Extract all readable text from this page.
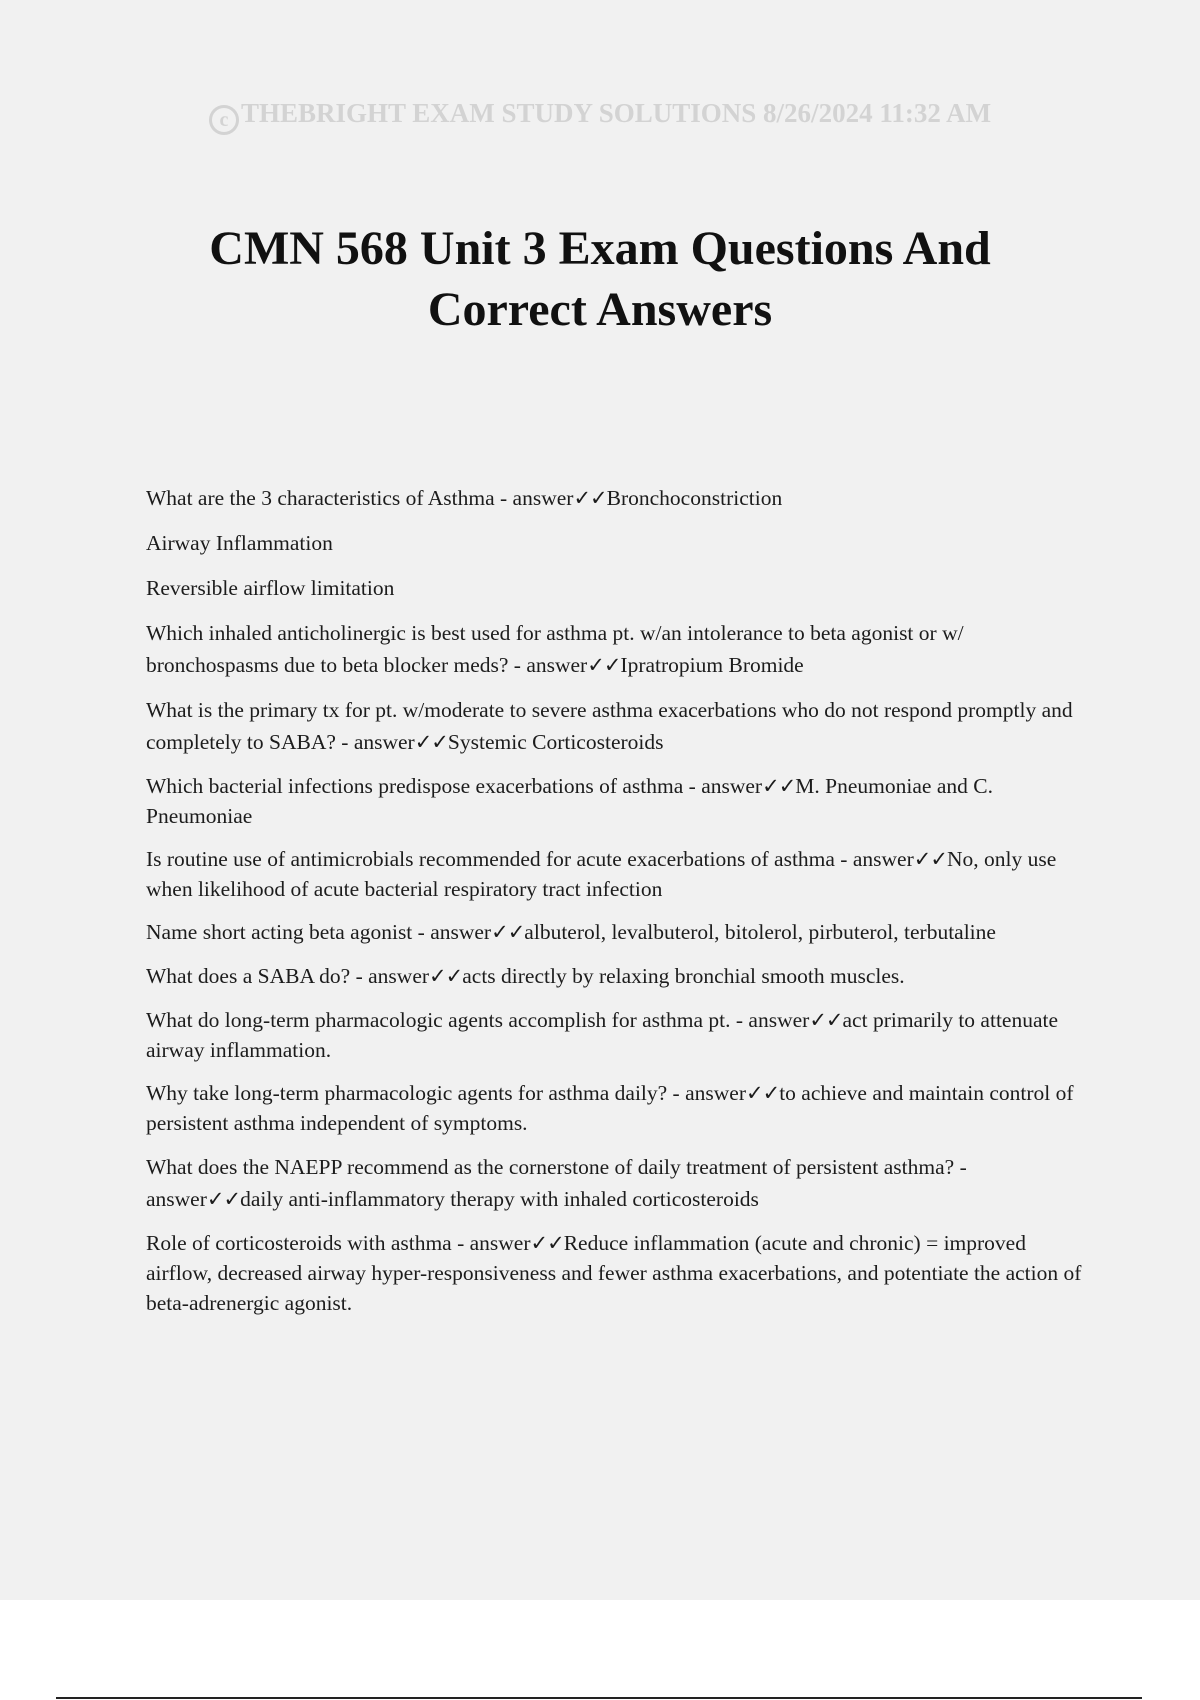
c THEBRIGHT EXAM STUDY SOLUTIONS 8/26/2024 11:32 AM
CMN 568 Unit 3 Exam Questions And
Correct Answers

What are the 3 characteristics of Asthma - answer✓✓Bronchoconstriction

Airway Inflammation

Reversible airflow limitation

Which inhaled anticholinergic is best used for asthma pt. w/an intolerance to beta agonist or w/ bronchospasms due to beta blocker meds? - answer✓✓Ipratropium Bromide

What is the primary tx for pt. w/moderate to severe asthma exacerbations who do not respond promptly and completely to SABA? - answer✓✓Systemic Corticosteroids

Which bacterial infections predispose exacerbations of asthma - answer✓✓M. Pneumoniae and C. Pneumoniae

Is routine use of antimicrobials recommended for acute exacerbations of asthma - answer✓✓No, only use when likelihood of acute bacterial respiratory tract infection

Name short acting beta agonist - answer✓✓albuterol, levalbuterol, bitolerol, pirbuterol, terbutaline

What does a SABA do? - answer✓✓acts directly by relaxing bronchial smooth muscles.

What do long-term pharmacologic agents accomplish for asthma pt. - answer✓✓act primarily to attenuate airway inflammation.

Why take long-term pharmacologic agents for asthma daily? - answer✓✓to achieve and maintain control of persistent asthma independent of symptoms.

What does the NAEPP recommend as the cornerstone of daily treatment of persistent asthma? - answer✓✓daily anti-inflammatory therapy with inhaled corticosteroids

Role of corticosteroids with asthma - answer✓✓Reduce inflammation (acute and chronic) = improved airflow, decreased airway hyper-responsiveness and fewer asthma exacerbations, and potentiate the action of beta-adrenergic agonist.
